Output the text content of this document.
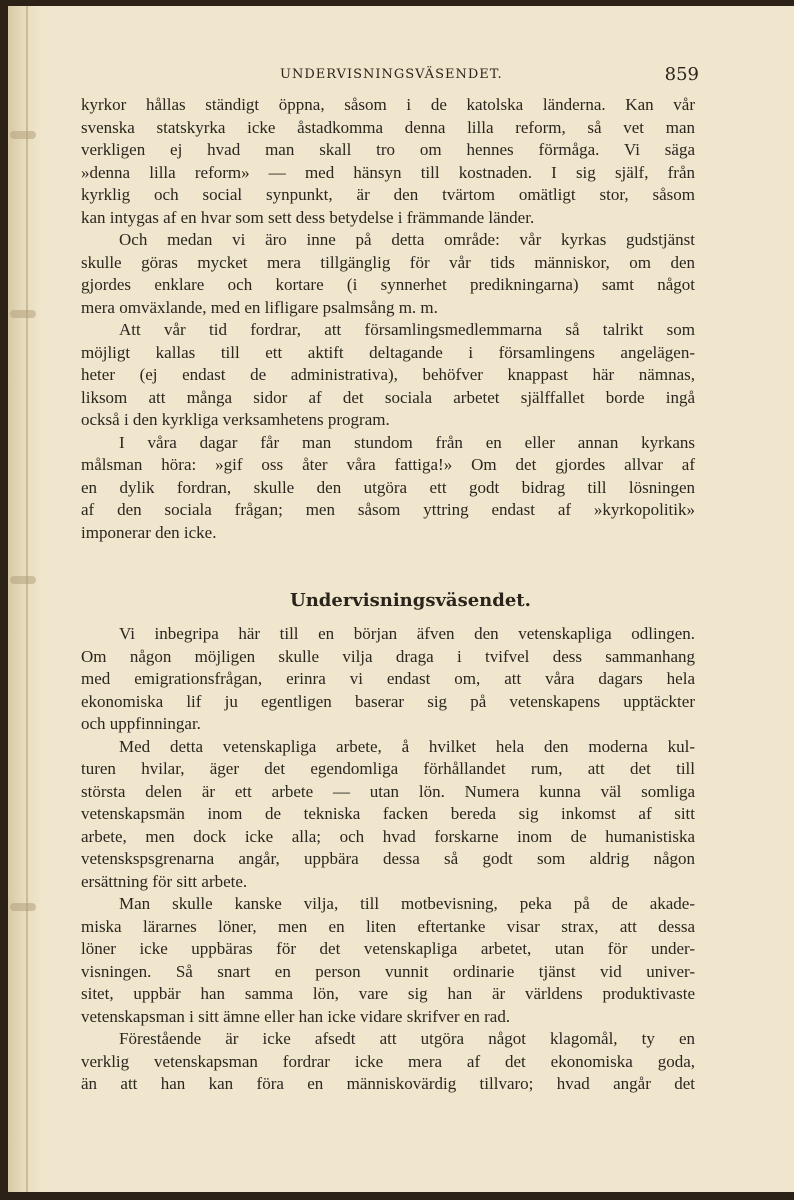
UNDERVISNINGSVÄSENDET.	859
kyrkor hållas ständigt öppna, såsom i de katolska länderna. Kan vår
svenska statskyrka icke åstadkomma denna lilla reform, så vet man
verkligen ej hvad man skall tro om hennes förmåga. Vi säga
»denna lilla reform» — med hänsyn till kostnaden. I sig själf, från
kyrklig och social synpunkt, är den tvärtom omätligt stor, såsom
kan intygas af en hvar som sett dess betydelse i främmande länder.
Och medan vi äro inne på detta område: vår kyrkas gudstjänst
skulle göras mycket mera tillgänglig för vår tids människor, om den
gjordes enklare och kortare (i synnerhet predikningarna) samt något
mera omväxlande, med en lifligare psalmsång m. m.
Att vår tid fordrar, att församlingsmedlemmarna så talrikt som
möjligt kallas till ett aktift deltagande i församlingens angelägen-
heter (ej endast de administrativa), behöfver knappast här nämnas,
liksom att många sidor af det sociala arbetet själffallet borde ingå
också i den kyrkliga verksamhetens program.
I våra dagar får man stundom från en eller annan kyrkans
målsman höra: »gif oss åter våra fattiga!» Om det gjordes allvar af
en dylik fordran, skulle den utgöra ett godt bidrag till lösningen
af den sociala frågan; men såsom yttring endast af »kyrkopolitik»
imponerar den icke.
Undervisningsväsendet.
Vi inbegripa här till en början äfven den vetenskapliga odlingen.
Om någon möjligen skulle vilja draga i tvifvel dess sammanhang
med emigrationsfrågan, erinra vi endast om, att våra dagars hela
ekonomiska lif ju egentligen baserar sig på vetenskapens upptäckter
och uppfinningar.
Med detta vetenskapliga arbete, å hvilket hela den moderna kul-
turen hvilar, äger det egendomliga förhållandet rum, att det till
största delen är ett arbete — utan lön. Numera kunna väl somliga
vetenskapsmän inom de tekniska facken bereda sig inkomst af sitt
arbete, men dock icke alla; och hvad forskarne inom de humanistiska
vetenskspsgrenarna angår, uppbära dessa så godt som aldrig någon
ersättning för sitt arbete.
Man skulle kanske vilja, till motbevisning, peka på de akade-
miska lärarnes löner, men en liten eftertanke visar strax, att dessa
löner icke uppbäras för det vetenskapliga arbetet, utan för under-
visningen. Så snart en person vunnit ordinarie tjänst vid univer-
sitet, uppbär han samma lön, vare sig han är världens produktivaste
vetenskapsman i sitt ämne eller han icke vidare skrifver en rad.
Förestående är icke afsedt att utgöra något klagomål, ty en
verklig vetenskapsman fordrar icke mera af det ekonomiska goda,
än att han kan föra en människovärdig tillvaro; hvad angår det
